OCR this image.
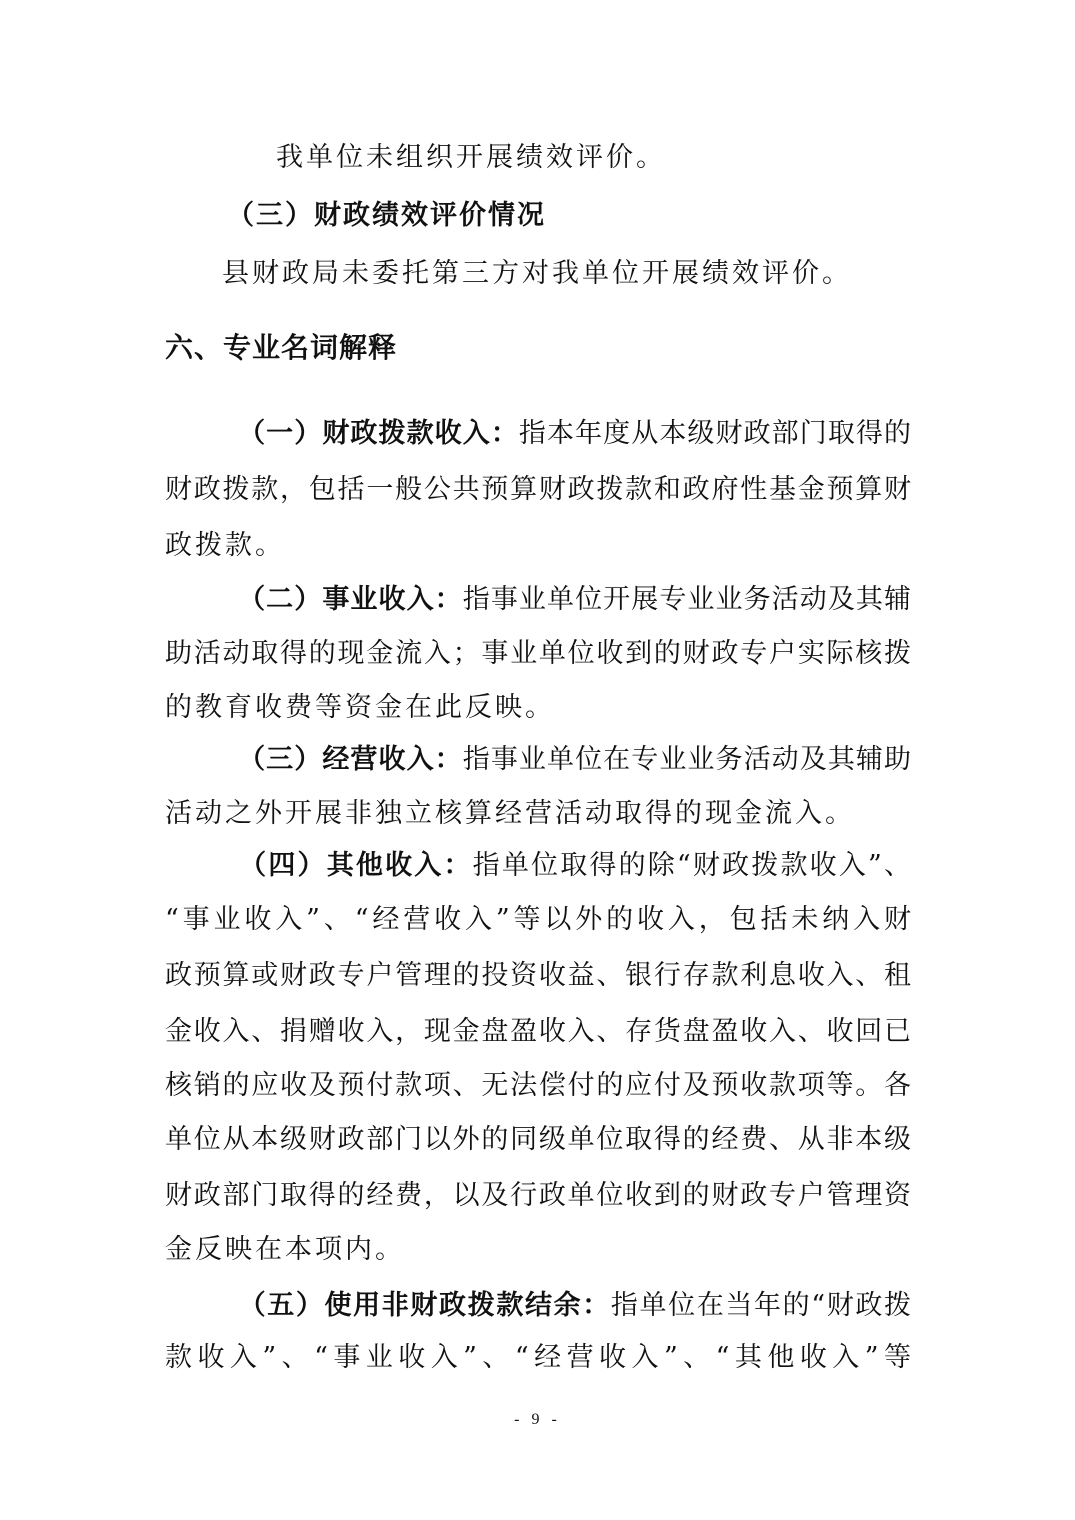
我单位未组织开展绩效评价。
（三）财政绩效评价情况
县财政局未委托第三方对我单位开展绩效评价。
六、专业名词解释
（一）财政拨款收入：指本年度从本级财政部门取得的
财政拨款，包括一般公共预算财政拨款和政府性基金预算财
政拨款。
（二）事业收入：指事业单位开展专业业务活动及其辅
助活动取得的现金流入；事业单位收到的财政专户实际核拨
的教育收费等资金在此反映。
（三）经营收入：指事业单位在专业业务活动及其辅助
活动之外开展非独立核算经营活动取得的现金流入。
（四）其他收入：指单位取得的除“财政拨款收入”、
“事业收入”、“经营收入”等以外的收入，包括未纳入财
政预算或财政专户管理的投资收益、银行存款利息收入、租
金收入、捐赠收入，现金盘盈收入、存货盘盈收入、收回已
核销的应收及预付款项、无法偿付的应付及预收款项等。各
单位从本级财政部门以外的同级单位取得的经费、从非本级
财政部门取得的经费，以及行政单位收到的财政专户管理资
金反映在本项内。
（五）使用非财政拨款结余：指单位在当年的“财政拨
款收入”、“事业收入”、“经营收入”、“其他收入”等
- 9 -
